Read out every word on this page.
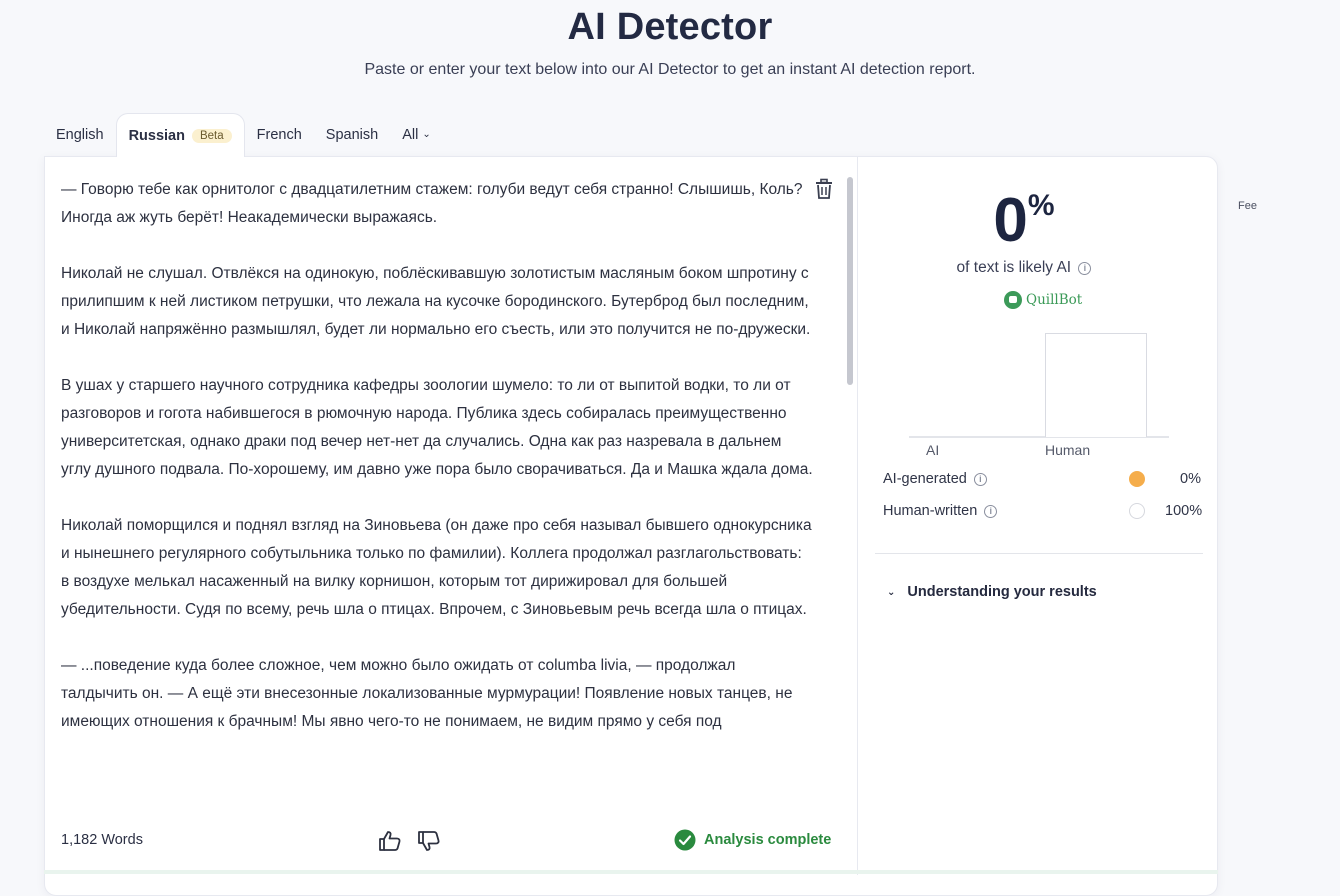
AI Detector
Paste or enter your text below into our AI Detector to get an instant AI detection report.
English Russian	Beta	French Spanish All ⌄

— Говорю тебе как орнитолог с двадцатилетним стажем: голуби ведут себя странно! Слышишь, Коль? Иногда аж жуть берёт! Неакадемически выражаясь.

Николай не слушал. Отвлёкся на одинокую, поблёскивавшую золотистым масляным боком шпротину с прилипшим к ней листиком петрушки, что лежала на кусочке бородинского. Бутерброд был последним, и Николай напряжённо размышлял, будет ли нормально его съесть, или это получится не по-дружески.

В ушах у старшего научного сотрудника кафедры зоологии шумело: то ли от выпитой водки, то ли от разговоров и гогота набившегося в рюмочную народа. Публика здесь собиралась преимущественно университетская, однако драки под вечер нет-нет да случались. Одна как раз назревала в дальнем углу душного подвала. По-хорошему, им давно уже пора было сворачиваться. Да и Машка ждала дома.

Николай поморщился и поднял взгляд на Зиновьева (он даже про себя называл бывшего однокурсника и нынешнего регулярного собутыльника только по фамилии). Коллега продолжал разглагольствовать: в воздухе мелькал насаженный на вилку корнишон, которым тот дирижировал для большей убедительности. Судя по всему, речь шла о птицах. Впрочем, с Зиновьевым речь всегда шла о птицах.

— ...поведение куда более сложное, чем можно было ожидать от columba livia, — продолжал талдычить он. — А ещё эти внесезонные локализованные мурмурации! Появление новых танцев, не имеющих отношения к брачным! Мы явно чего-то не понимаем, не видим прямо у себя под

1,182 Words	Analysis complete
0%
of text is likely AI i
QuillBot
AI	Human
AI-generated i	0%
Human-written i	100%
⌄ Understanding your results
Fee
